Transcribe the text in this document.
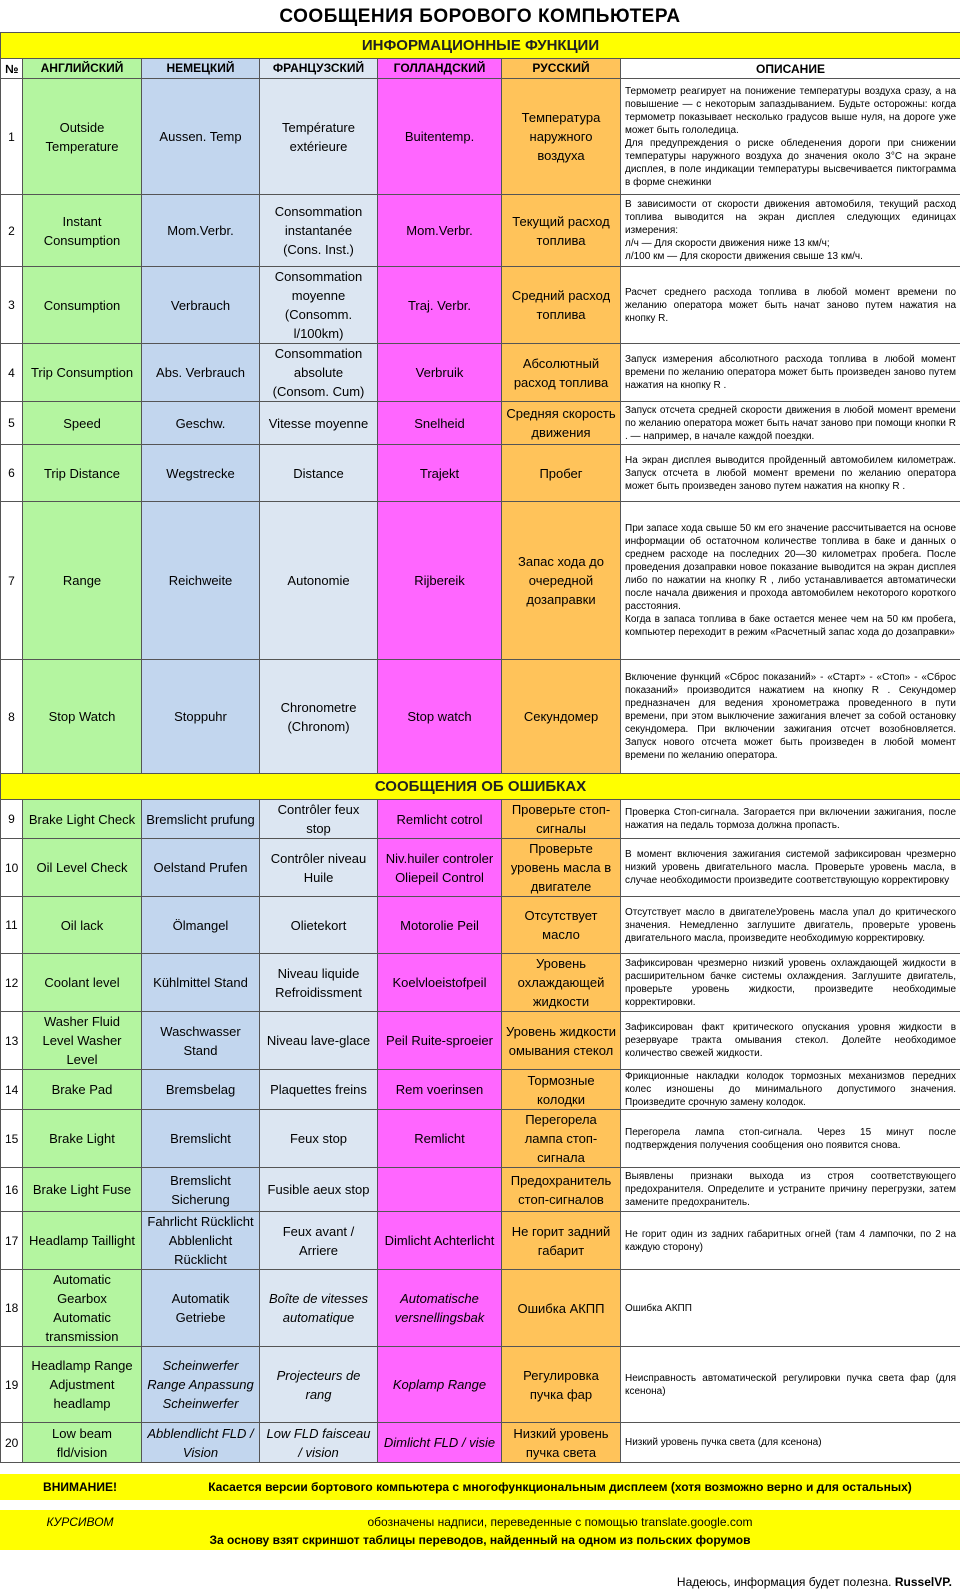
СООБЩЕНИЯ БОРОВОГО КОМПЬЮТЕРА
ИНФОРМАЦИОННЫЕ ФУНКЦИИ						
№	АНГЛИЙСКИЙ	НЕМЕЦКИЙ	ФРАНЦУЗСКИЙ	ГОЛЛАНДСКИЙ	РУССКИЙ	ОПИСАНИЕ
1	Outside Temperature	Aussen. Temp	Température extérieure	Buitentemp.	Температура наружного воздуха	Термометр реагирует на понижение температуры воздуха сразу, а на повышение — с некоторым запаздыванием. Будьте осторожны: когда термометр показывает несколько градусов выше нуля, на дороге уже может быть гололедица.
Для предупреждения о риске обледенения дороги при снижении температуры наружного воздуха до значения около 3°C на экране дисплея, в поле индикации температуры высвечивается пиктограмма в форме снежинки
2	Instant Consumption	Mom.Verbr.	Consommation instantanée (Cons. Inst.)	Mom.Verbr.	Текущий расход топлива	В зависимости от скорости движения автомобиля, текущий расход топлива выводится на экран дисплея следующих единицах измерения:
л/ч — Для скорости движения ниже 13 км/ч;
л/100 км — Для скорости движения свыше 13 км/ч.
3	Consumption	Verbrauch	Consommation moyenne (Consomm. l/100km)	Traj. Verbr.	Средний расход топлива	Расчет среднего расхода топлива в любой момент времени по желанию оператора может быть начат заново путем нажатия на кнопку R.
4	Trip Consumption	Abs. Verbrauch	Consommation absolute (Consom. Cum)	Verbruik	Абсолютный расход топлива	Запуск измерения абсолютного расхода топлива в любой момент времени по желанию оператора может быть произведен заново путем нажатия на кнопку R .
5	Speed	Geschw.	Vitesse moyenne	Snelheid	Средняя скорость движения	Запуск отсчета средней скорости движения в любой момент времени по желанию оператора может быть начат заново при помощи кнопки R . — например, в начале каждой поездки.
6	Trip Distance	Wegstrecke	Distance	Trajekt	Пробег	На экран дисплея выводится пройденный автомобилем километраж. Запуск отсчета в любой момент времени по желанию оператора может быть произведен заново путем нажатия на кнопку R .
7	Range	Reichweite	Autonomie	Rijbereik	Запас хода до очередной дозаправки	При запасе хода свыше 50 км его значение рассчитывается на основе информации об остаточном количестве топлива в баке и данных о среднем расходе на последних 20—30 километрах пробега. После проведения дозаправки новое показание выводится на экран дисплея либо по нажатии на кнопку R , либо устанавливается автоматически после начала движения и прохода автомобилем некоторого короткого расстояния.
Когда в запаса топлива в баке остается менее чем на 50 км пробега, компьютер переходит в режим «Расчетный запас хода до дозаправки»
8	Stop Watch	Stoppuhr	Chronometre (Chronom)	Stop watch	Секундомер	Включение функций «Сброс показаний» - «Старт» - «Стоп» - «Сброс показаний» производится нажатием на кнопку R . Секундомер предназначен для ведения хронометража проведенного в пути времени, при этом выключение зажигания влечет за собой остановку секундомера. При включении зажигания отсчет возобновляется. Запуск нового отсчета может быть произведен в любой момент времени по желанию оператора.
СООБЩЕНИЯ ОБ ОШИБКАХ						
9	Brake Light Check	Bremslicht prufung	Contrôler feux stop	Remlicht cotrol	Проверьте стоп-сигналы	Проверка Стоп-сигнала. Загорается при включении зажигания, после нажатия на педаль тормоза должна пропасть.
10	Oil Level Check	Oelstand Prufen	Contrôler niveau Huile	Niv.huiler controler Oliepeil Control	Проверьте уровень масла в двигателе	В момент включения зажигания системой зафиксирован чрезмерно низкий уровень двигательного масла. Проверьте уровень масла, в случае необходимости произведите соответствующую корректировку
11	Oil lack	Ölmangel	Olietekort	Motorolie Peil	Отсутствует масло	Отсутствует масло в двигателеУровень масла упал до критического значения. Немедленно заглушите двигатель, проверьте уровень двигательного масла, произведите необходимую корректировку.
12	Coolant level	Kühlmittel Stand	Niveau liquide Refroidissment	Koelvloeistofpeil	Уровень охлаждающей жидкости	Зафиксирован чрезмерно низкий уровень охлаждающей жидкости в расширительном бачке системы охлаждения. Заглушите двигатель, проверьте уровень жидкости, произведите необходимые корректировки.
13	Washer Fluid Level Washer Level	Waschwasser Stand	Niveau lave-glace	Peil Ruite-sproeier	Уровень жидкости омывания стекол	Зафиксирован факт критического опускания уровня жидкости в резервуаре тракта омывания стекол. Долейте необходимое количество свежей жидкости.
14	Brake Pad	Bremsbelag	Plaquettes freins	Rem voerinsen	Тормозные колодки	Фрикционные накладки колодок тормозных механизмов передних колес изношены до минимального допустимого значения. Произведите срочную замену колодок.
15	Brake Light	Bremslicht	Feux stop	Remlicht	Перегорела лампа стоп-сигнала	Перегорела лампа стоп-сигнала. Через 15 минут после подтверждения получения сообщения оно появится снова.
16	Brake Light Fuse	Bremslicht Sicherung	Fusible aeux stop		Предохранитель стоп-сигналов	Выявлены признаки выхода из строя соответствующего предохранителя. Определите и устраните причину перегрузки, затем замените предохранитель.
17	Headlamp Taillight	Fahrlicht Rücklicht Abblenlicht Rücklicht	Feux avant / Arriere	Dimlicht Achterlicht	Не горит задний габарит	Не горит один из задних габаритных огней (там 4 лампочки, по 2 на каждую сторону)
18	Automatic Gearbox Automatic transmission	Automatik Getriebe	Boîte de vitesses automatique	Automatische versnellingsbak	Ошибка АКПП	Ошибка АКПП
19	Headlamp Range Adjustment headlamp	Scheinwerfer Range Anpassung Scheinwerfer	Projecteurs de rang	Koplamp Range	Регулировка пучка фар	Неисправность автоматической регулировки пучка света фар (для ксенона)
20	Low beam fld/vision	Abblendlicht FLD / Vision	Low FLD faisceau / vision	Dimlicht FLD / visie	Низкий уровень пучка света	Низкий уровень пучка света (для ксенона)
ВНИМАНИЕ!	Касается версии бортового компьютера с многофункциональным дисплеем (хотя возможно верно и для остальных)
КУРСИВОМ	обозначены надписи, переведенные с помощью translate.google.com
За основу взят скриншот таблицы переводов, найденный на одном из польских форумов
Надеюсь, информация будет полезна. RusselVP.
